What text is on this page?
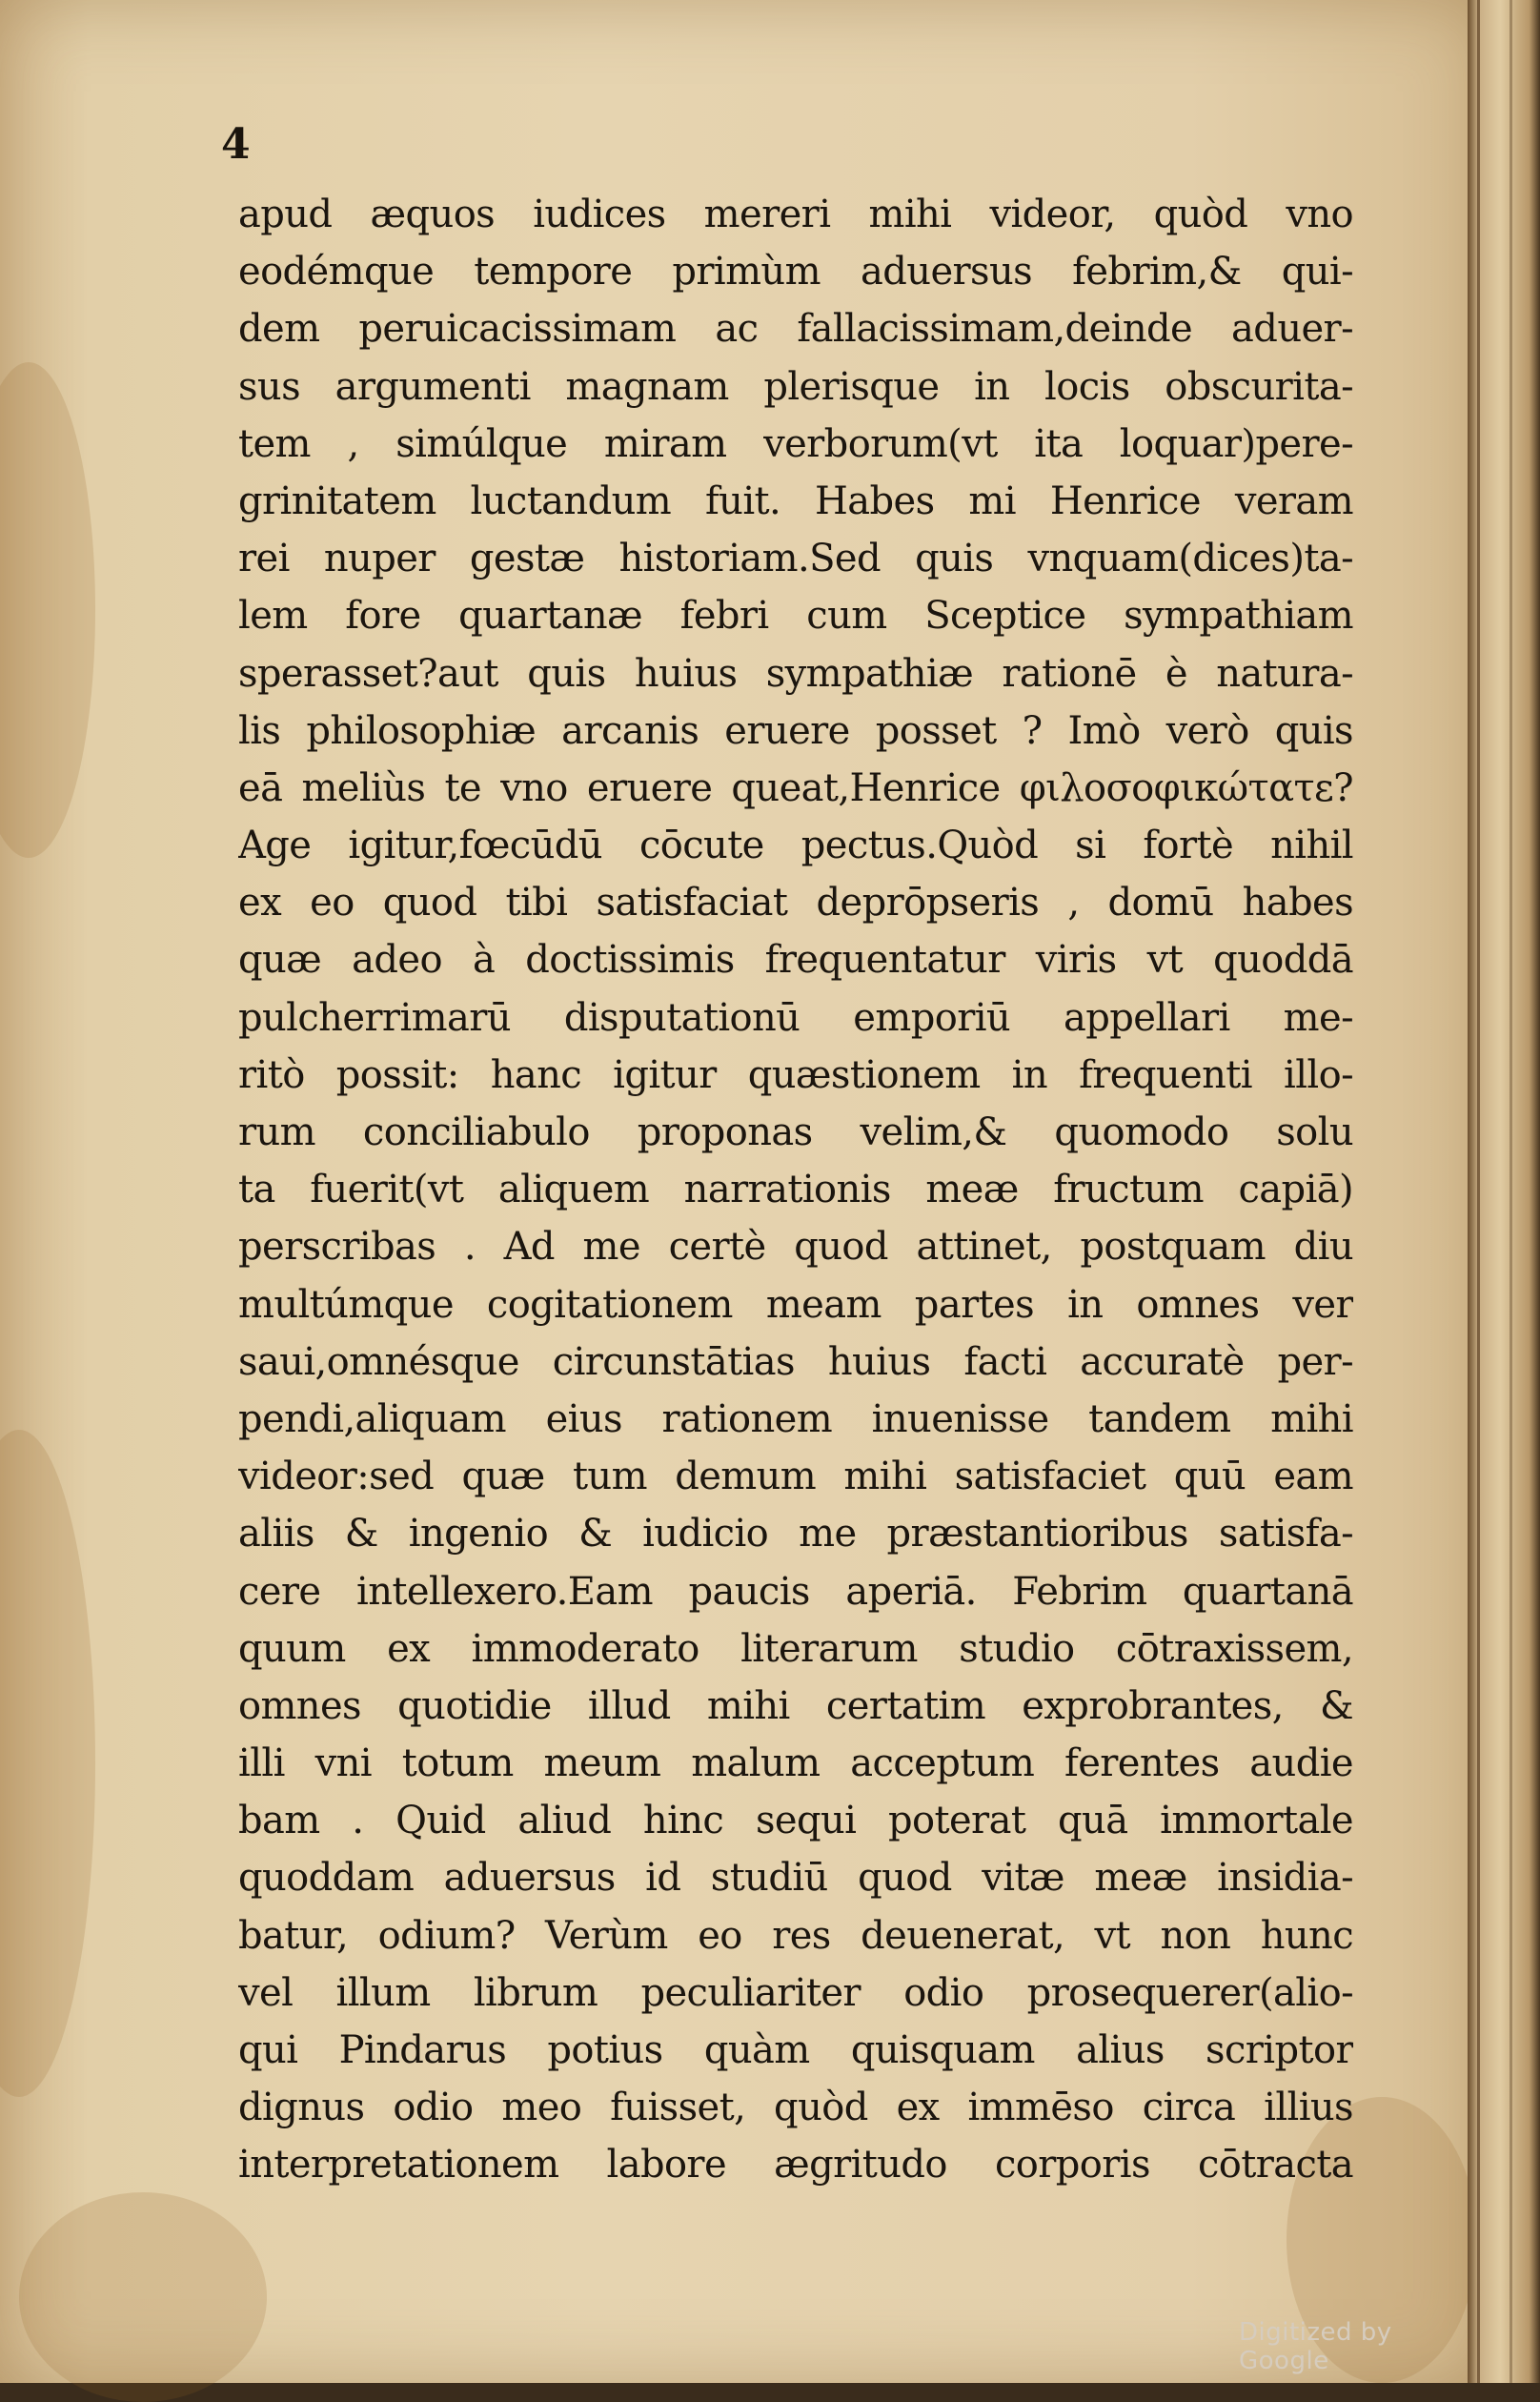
4
apud æquos iudices mereri mihi videor, quòd vno
eodémque tempore primùm aduersus febrim,& qui-
dem peruicacissimam ac fallacissimam,deinde aduer-
sus argumenti magnam plerisque in locis obscurita-
tem , simúlque miram verborum(vt ita loquar)pere-
grinitatem luctandum fuit. Habes mi Henrice veram
rei nuper gestæ historiam.Sed quis vnquam(dices)ta-
lem fore quartanæ febri cum Sceptice sympathiam
sperasset?aut quis huius sympathiæ rationē è natura-
lis philosophiæ arcanis eruere posset ? Imò verò quis
eā meliùs te vno eruere queat,Henrice φιλοσοφικώτατε?
Age igitur,fœcūdū cōcute pectus.Quòd si fortè nihil
ex eo quod tibi satisfaciat deprōpseris , domū habes
quæ adeo à doctissimis frequentatur viris vt quoddā
pulcherrimarū disputationū emporiū appellari me-
ritò possit: hanc igitur quæstionem in frequenti illo-
rum conciliabulo proponas velim,& quomodo solu
ta fuerit(vt aliquem narrationis meæ fructum capiā)
perscribas . Ad me certè quod attinet, postquam diu
multúmque cogitationem meam partes in omnes ver
saui,omnésque circunstātias huius facti accuratè per-
pendi,aliquam eius rationem inuenisse tandem mihi
videor:sed quæ tum demum mihi satisfaciet quū eam
aliis & ingenio & iudicio me præstantioribus satisfa-
cere intellexero.Eam paucis aperiā. Febrim quartanā
quum ex immoderato literarum studio cōtraxissem,
omnes quotidie illud mihi certatim exprobrantes, &
illi vni totum meum malum acceptum ferentes audie
bam . Quid aliud hinc sequi poterat quā immortale
quoddam aduersus id studiū quod vitæ meæ insidia-
batur, odium? Verùm eo res deuenerat, vt non hunc
vel illum librum peculiariter odio prosequerer(alio-
qui Pindarus potius quàm quisquam alius scriptor
dignus odio meo fuisset, quòd ex immēso circa illius
interpretationem labore ægritudo corporis cōtracta
Digitized by Google
